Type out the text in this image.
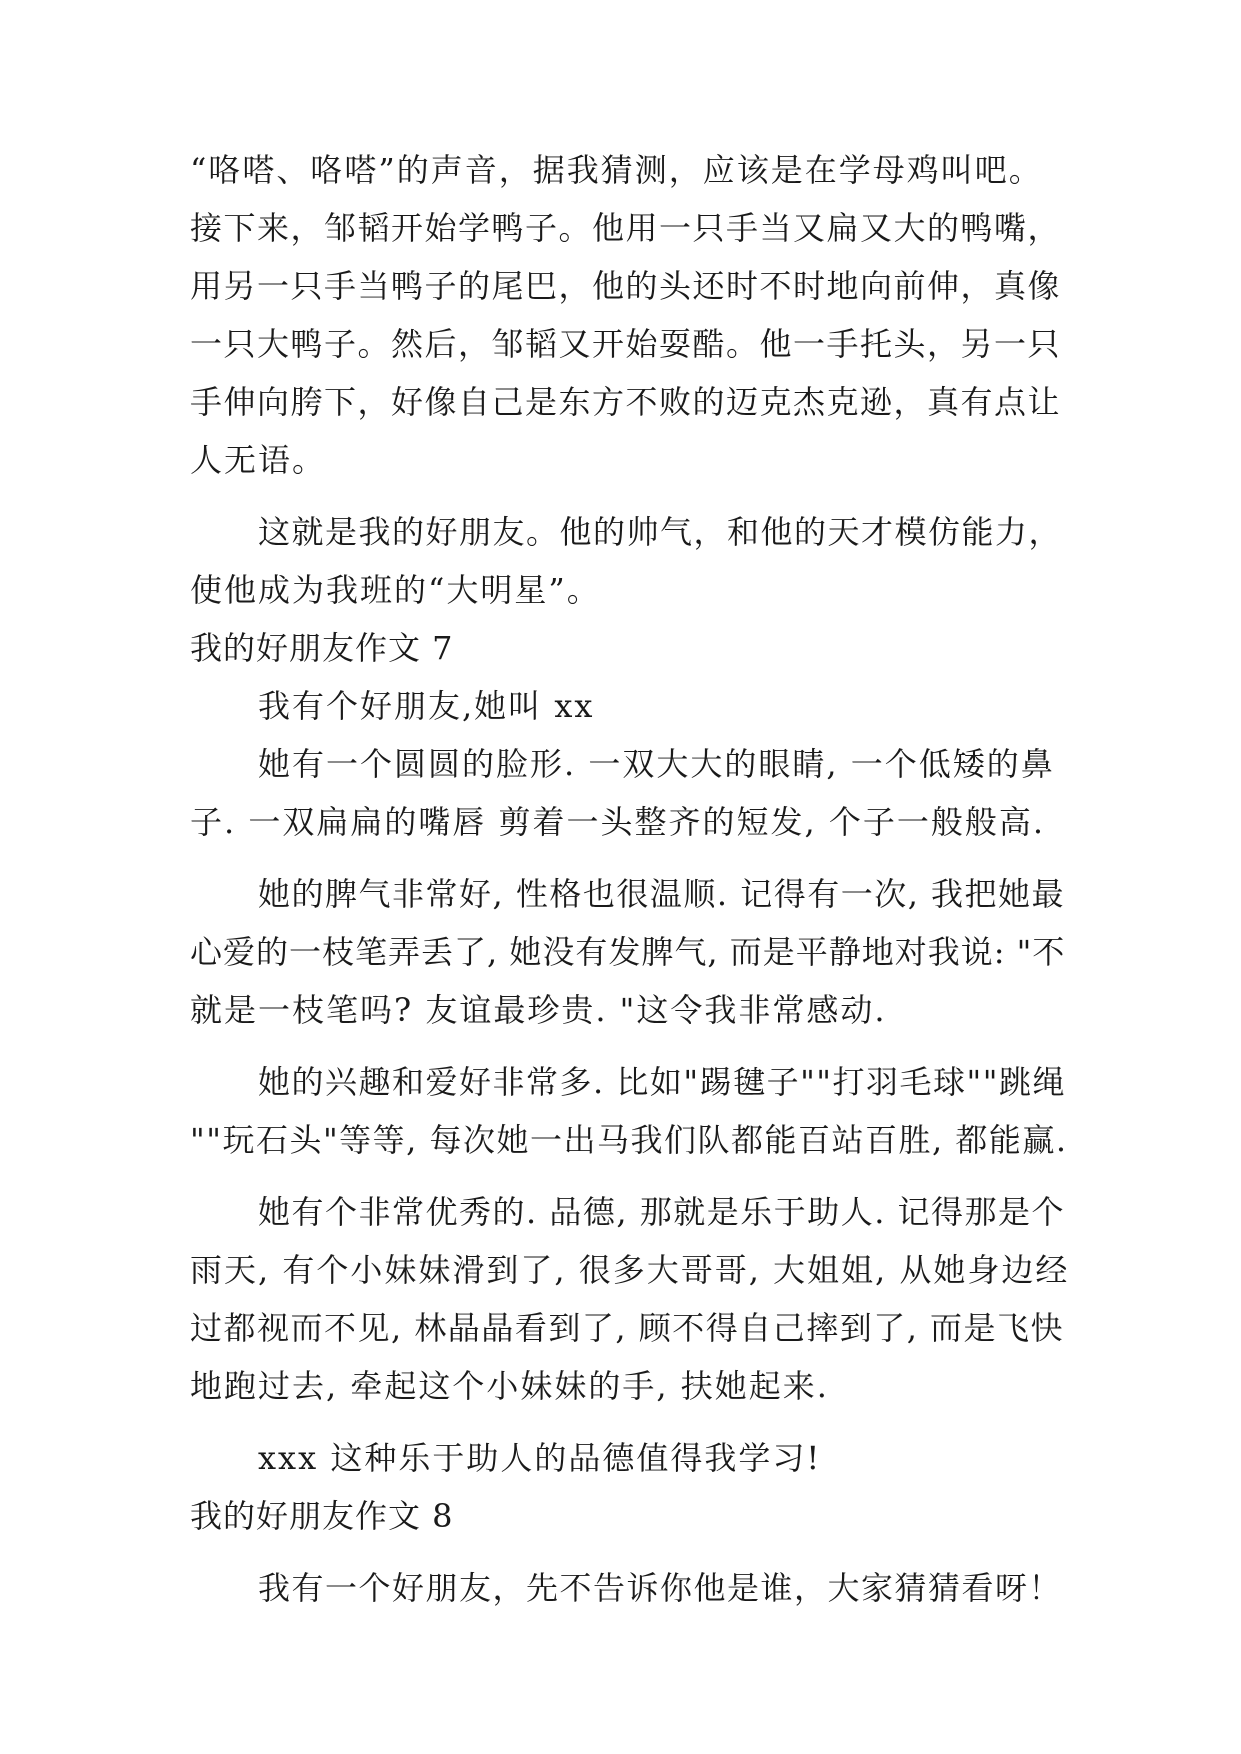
“咯嗒、咯嗒”的声音，据我猜测，应该是在学母鸡叫吧。

接下来，邹韬开始学鸭子。他用一只手当又扁又大的鸭嘴，

用另一只手当鸭子的尾巴，他的头还时不时地向前伸，真像

一只大鸭子。然后，邹韬又开始耍酷。他一手托头，另一只

手伸向胯下，好像自己是东方不败的迈克杰克逊，真有点让

人无语。

这就是我的好朋友。他的帅气，和他的天才模仿能力，

使他成为我班的“大明星”。

我的好朋友作文 7

我有个好朋友,她叫 xx

她有一个圆圆的脸形. 一双大大的眼睛, 一个低矮的鼻

子. 一双扁扁的嘴唇 剪着一头整齐的短发, 个子一般般高.

她的脾气非常好, 性格也很温顺. 记得有一次, 我把她最

心爱的一枝笔弄丢了, 她没有发脾气, 而是平静地对我说: "不

就是一枝笔吗? 友谊最珍贵. "这令我非常感动.

她的兴趣和爱好非常多. 比如"踢毽子""打羽毛球""跳绳

""玩石头"等等, 每次她一出马我们队都能百站百胜, 都能赢.

她有个非常优秀的. 品德, 那就是乐于助人. 记得那是个

雨天, 有个小妹妹滑到了, 很多大哥哥, 大姐姐, 从她身边经

过都视而不见, 林晶晶看到了, 顾不得自己摔到了, 而是飞快

地跑过去, 牵起这个小妹妹的手, 扶她起来.

xxx 这种乐于助人的品德值得我学习!

我的好朋友作文 8

我有一个好朋友，先不告诉你他是谁，大家猜猜看呀！
